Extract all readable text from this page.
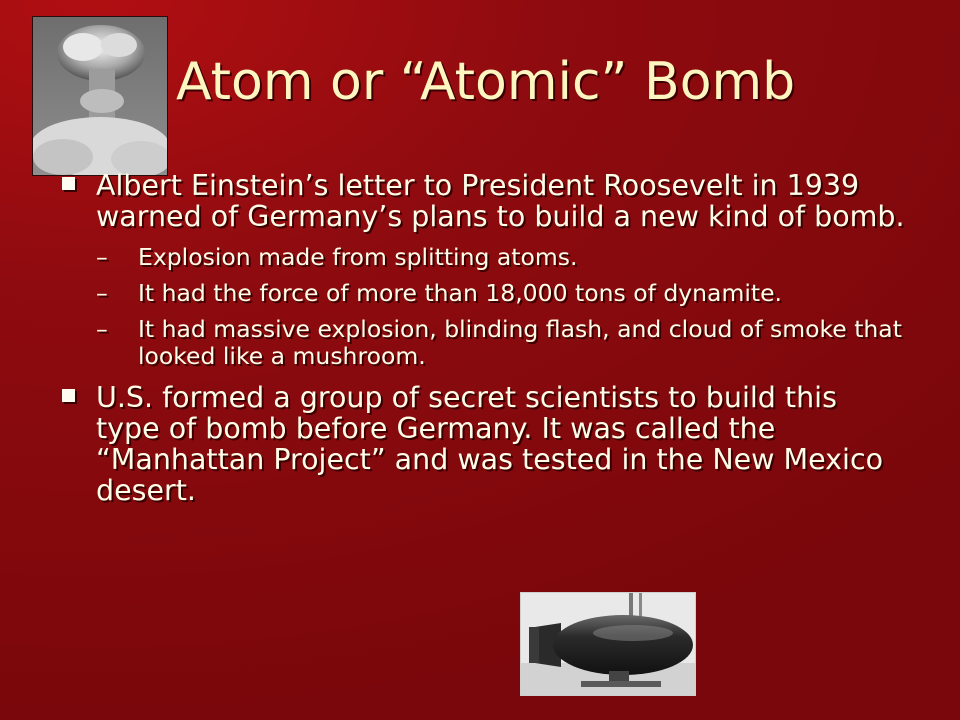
Atom or “Atomic” Bomb
Albert Einstein’s letter to President Roosevelt in 1939 warned of Germany’s plans to build a new kind of bomb.
– Explosion made from splitting atoms.
– It had the force of more than 18,000 tons of dynamite.
– It had massive explosion, blinding flash, and cloud of smoke that looked like a mushroom.
U.S. formed a group of secret scientists to build this type of bomb before Germany. It was called the “Manhattan Project” and was tested in the New Mexico desert.
